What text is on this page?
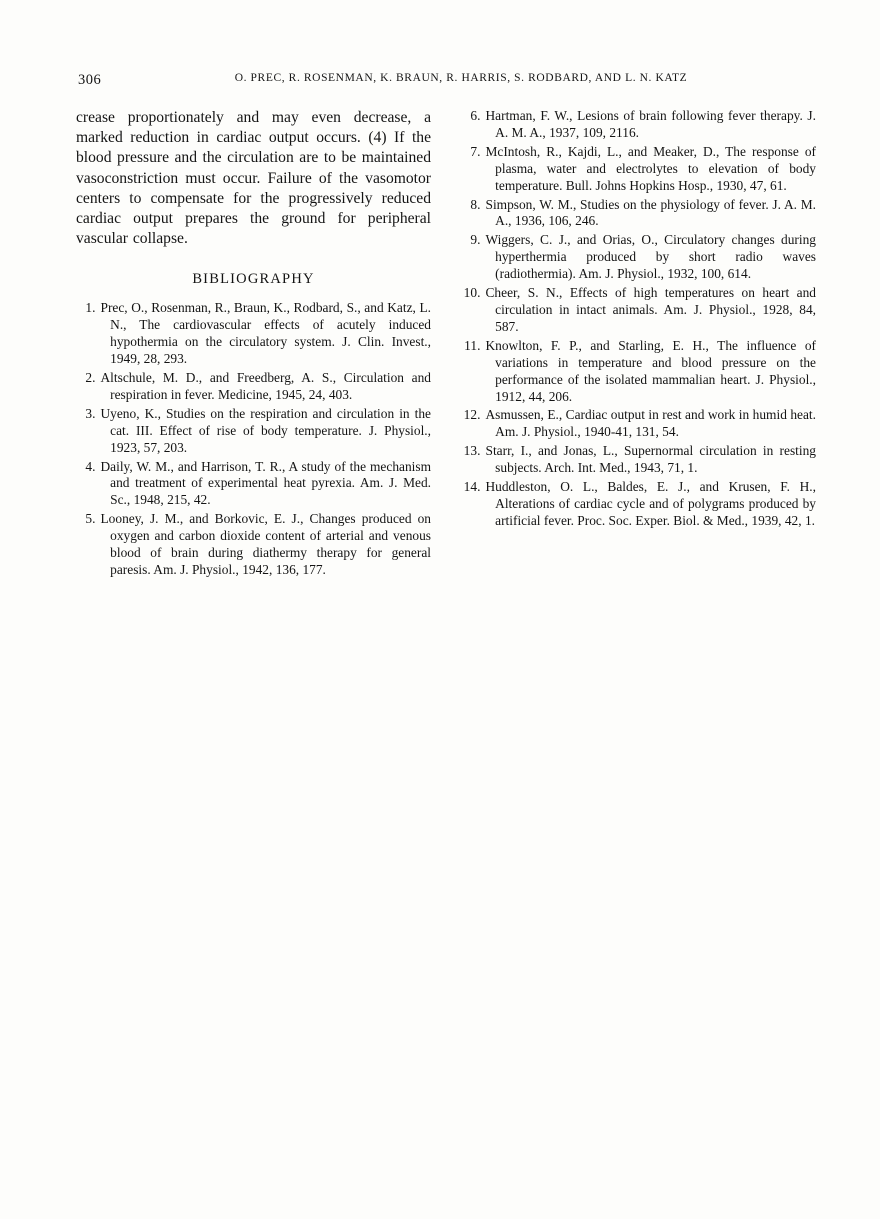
306	O. PREC, R. ROSENMAN, K. BRAUN, R. HARRIS, S. RODBARD, AND L. N. KATZ
crease proportionately and may even decrease, a marked reduction in cardiac output occurs. (4) If the blood pressure and the circulation are to be maintained vasoconstriction must occur. Failure of the vasomotor centers to compensate for the progressively reduced cardiac output prepares the ground for peripheral vascular collapse.
BIBLIOGRAPHY
1. Prec, O., Rosenman, R., Braun, K., Rodbard, S., and Katz, L. N., The cardiovascular effects of acutely induced hypothermia on the circulatory system. J. Clin. Invest., 1949, 28, 293.
2. Altschule, M. D., and Freedberg, A. S., Circulation and respiration in fever. Medicine, 1945, 24, 403.
3. Uyeno, K., Studies on the respiration and circulation in the cat. III. Effect of rise of body temperature. J. Physiol., 1923, 57, 203.
4. Daily, W. M., and Harrison, T. R., A study of the mechanism and treatment of experimental heat pyrexia. Am. J. Med. Sc., 1948, 215, 42.
5. Looney, J. M., and Borkovic, E. J., Changes produced on oxygen and carbon dioxide content of arterial and venous blood of brain during diathermy therapy for general paresis. Am. J. Physiol., 1942, 136, 177.
6. Hartman, F. W., Lesions of brain following fever therapy. J. A. M. A., 1937, 109, 2116.
7. McIntosh, R., Kajdi, L., and Meaker, D., The response of plasma, water and electrolytes to elevation of body temperature. Bull. Johns Hopkins Hosp., 1930, 47, 61.
8. Simpson, W. M., Studies on the physiology of fever. J. A. M. A., 1936, 106, 246.
9. Wiggers, C. J., and Orias, O., Circulatory changes during hyperthermia produced by short radio waves (radiothermia). Am. J. Physiol., 1932, 100, 614.
10. Cheer, S. N., Effects of high temperatures on heart and circulation in intact animals. Am. J. Physiol., 1928, 84, 587.
11. Knowlton, F. P., and Starling, E. H., The influence of variations in temperature and blood pressure on the performance of the isolated mammalian heart. J. Physiol., 1912, 44, 206.
12. Asmussen, E., Cardiac output in rest and work in humid heat. Am. J. Physiol., 1940-41, 131, 54.
13. Starr, I., and Jonas, L., Supernormal circulation in resting subjects. Arch. Int. Med., 1943, 71, 1.
14. Huddleston, O. L., Baldes, E. J., and Krusen, F. H., Alterations of cardiac cycle and of polygrams produced by artificial fever. Proc. Soc. Exper. Biol. & Med., 1939, 42, 1.
